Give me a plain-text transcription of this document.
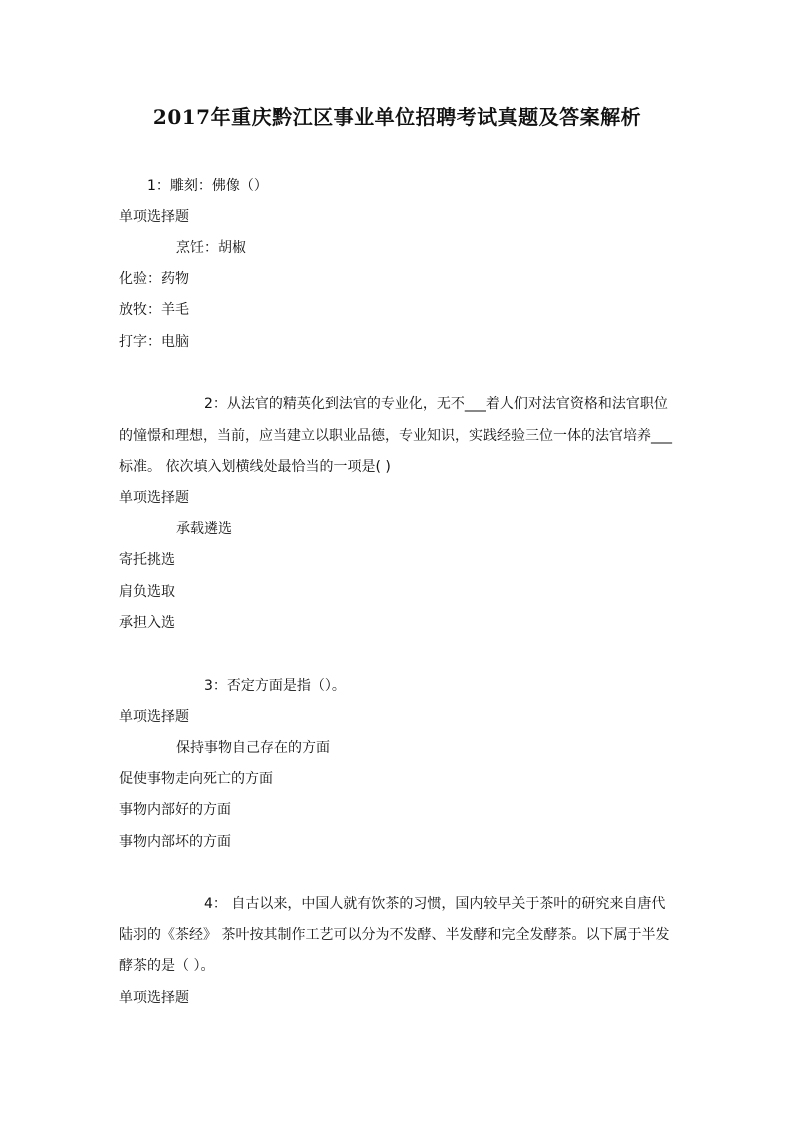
2017年重庆黔江区事业单位招聘考试真题及答案解析
1：雕刻：佛像（）
单项选择题
烹饪：胡椒
化验：药物
放牧：羊毛
打字：电脑
2：从法官的精英化到法官的专业化，无不___着人们对法官资格和法官职位
的憧憬和理想，当前，应当建立以职业品德，专业知识，实践经验三位一体的法官培养___
标准。 依次填入划横线处最恰当的一项是( )
单项选择题
承载遴选
寄托挑选
肩负选取
承担入选
3：否定方面是指（）。
单项选择题
保持事物自己存在的方面
促使事物走向死亡的方面
事物内部好的方面
事物内部坏的方面
4： 自古以来，中国人就有饮茶的习惯，国内较早关于茶叶的研究来自唐代
陆羽的《茶经》 茶叶按其制作工艺可以分为不发酵、半发酵和完全发酵茶。以下属于半发
酵茶的是（ ）。
单项选择题
